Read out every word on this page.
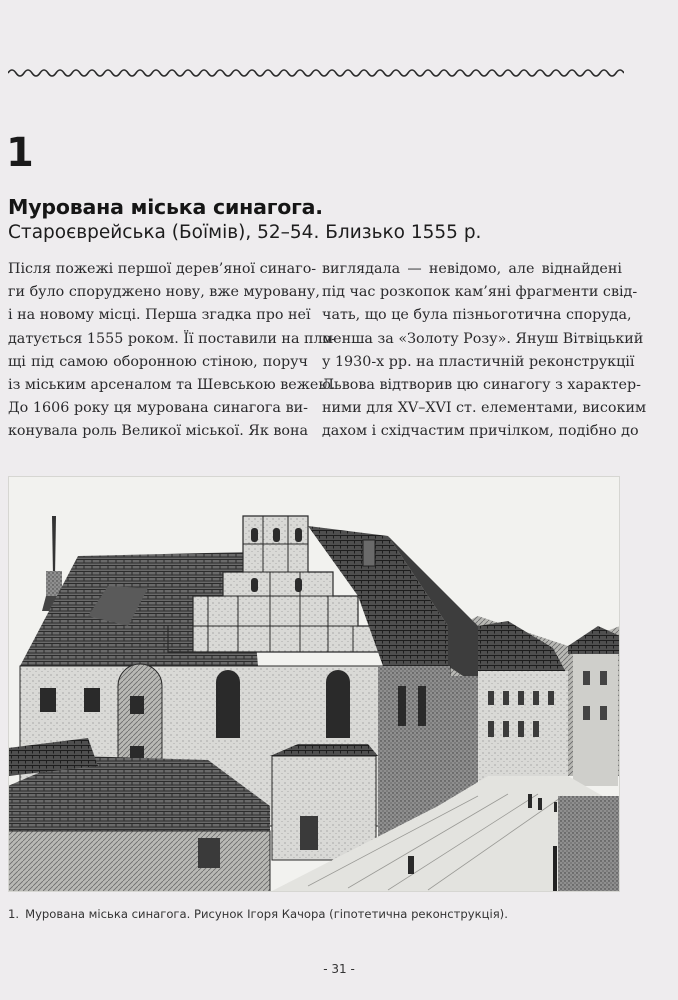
1
Мурована міська синагога.
Староєврейська (Боїмів), 52–54. Близько 1555 р.
Після пожежі першої дерев’яної синаго-
ги було споруджено нову, вже муровану,
і на новому місці. Перша згадка про неї
датується 1555 роком. Її поставили на пло-
щі під самою оборонною стіною, поруч
із міським арсеналом та Шевською вежею.
До 1606 року ця мурована синагога ви-
конувала роль Великої міської. Як вона
виглядала — невідомо, але віднайдені
під час розкопок кам’яні фрагменти свід-
чать, що це була пізньоготична споруда,
менша за «Золоту Розу». Януш Вітвіцький
у 1930-х рр. на пластичній реконструкції
Львова відтворив цю синагогу з характер-
ними для XV–XVI ст. елементами, високим
дахом і східчастим причілком, подібно до
1. Мурована міська синагога. Рисунок Ігоря Качора (гіпотетична реконструкція).
- 31 -
